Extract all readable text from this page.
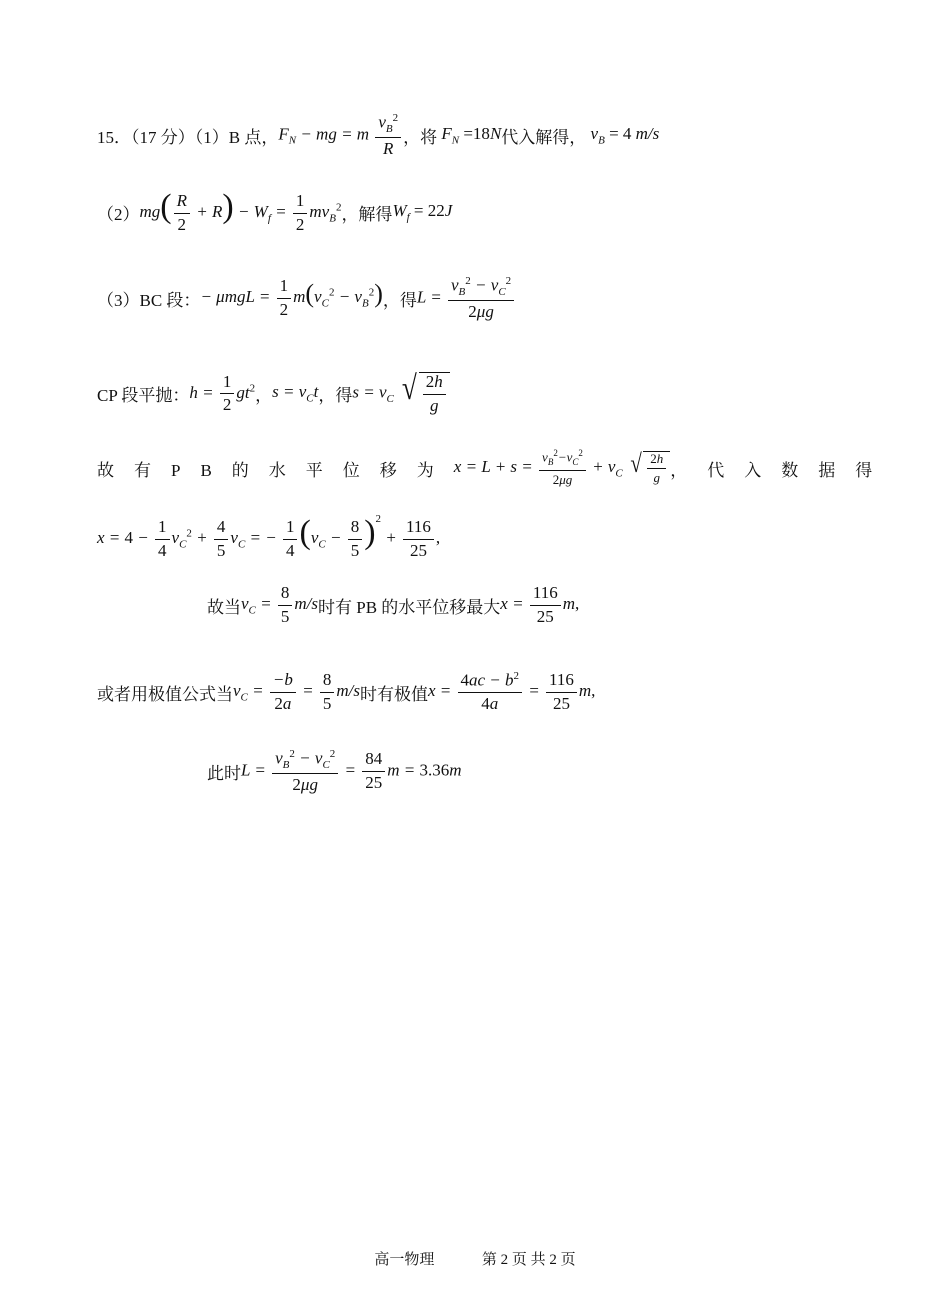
15．（17 分）（1）B 点， $F_N$ − mg = m $\frac{v_B^2}{R}$ ，将 $F_N =18N$ 代入解得， $v_B = 4$ m/s
（2） $mg( \frac{R}{2} + R) - W_f = \frac{1}{2} mv_B^2$ ，解得 $W_f = 22J$
（3）BC 段： − $\mu mgL = \frac{1}{2} m(v_C^2 - v_B^2)$ ，得 $L = \frac{v_B^2 - v_C^2}{2\mu g}$
CP 段平抛： $h = \frac{1}{2} gt^2$ ， $s = v_Ct$ ，得 $s = v_C$ √ $\frac{2h}{g}$
故有PB的水平位移为 $x = L + s = \frac{v_B^2-v_C^2}{2\mu g} + v_C$ √ $\frac{2h}{g}$ ，代入数据得
$x = 4 - \frac{1}{4} v_C^2 + \frac{4}{5} v_C$ = − $\frac{1}{4} (v_C - \frac{8}{5} )^2 + \frac{116}{25}$ ,
故当 $v_C = \frac{8}{5} m/s$ 时有 PB 的水平位移最大 $x = \frac{116}{25} m$,
或者用极值公式当 $v_C = \frac{-b}{2a} = \frac{8}{5} m/s$ 时有极值 $x = \frac{4ac - b^2}{4a} = \frac{116}{25} m$,
此时 $L = \frac{v_B^2 - v_C^2}{2\mu g} = \frac{84}{25}$ m = 3.36m
高一物理	第 2 页 共 2 页
